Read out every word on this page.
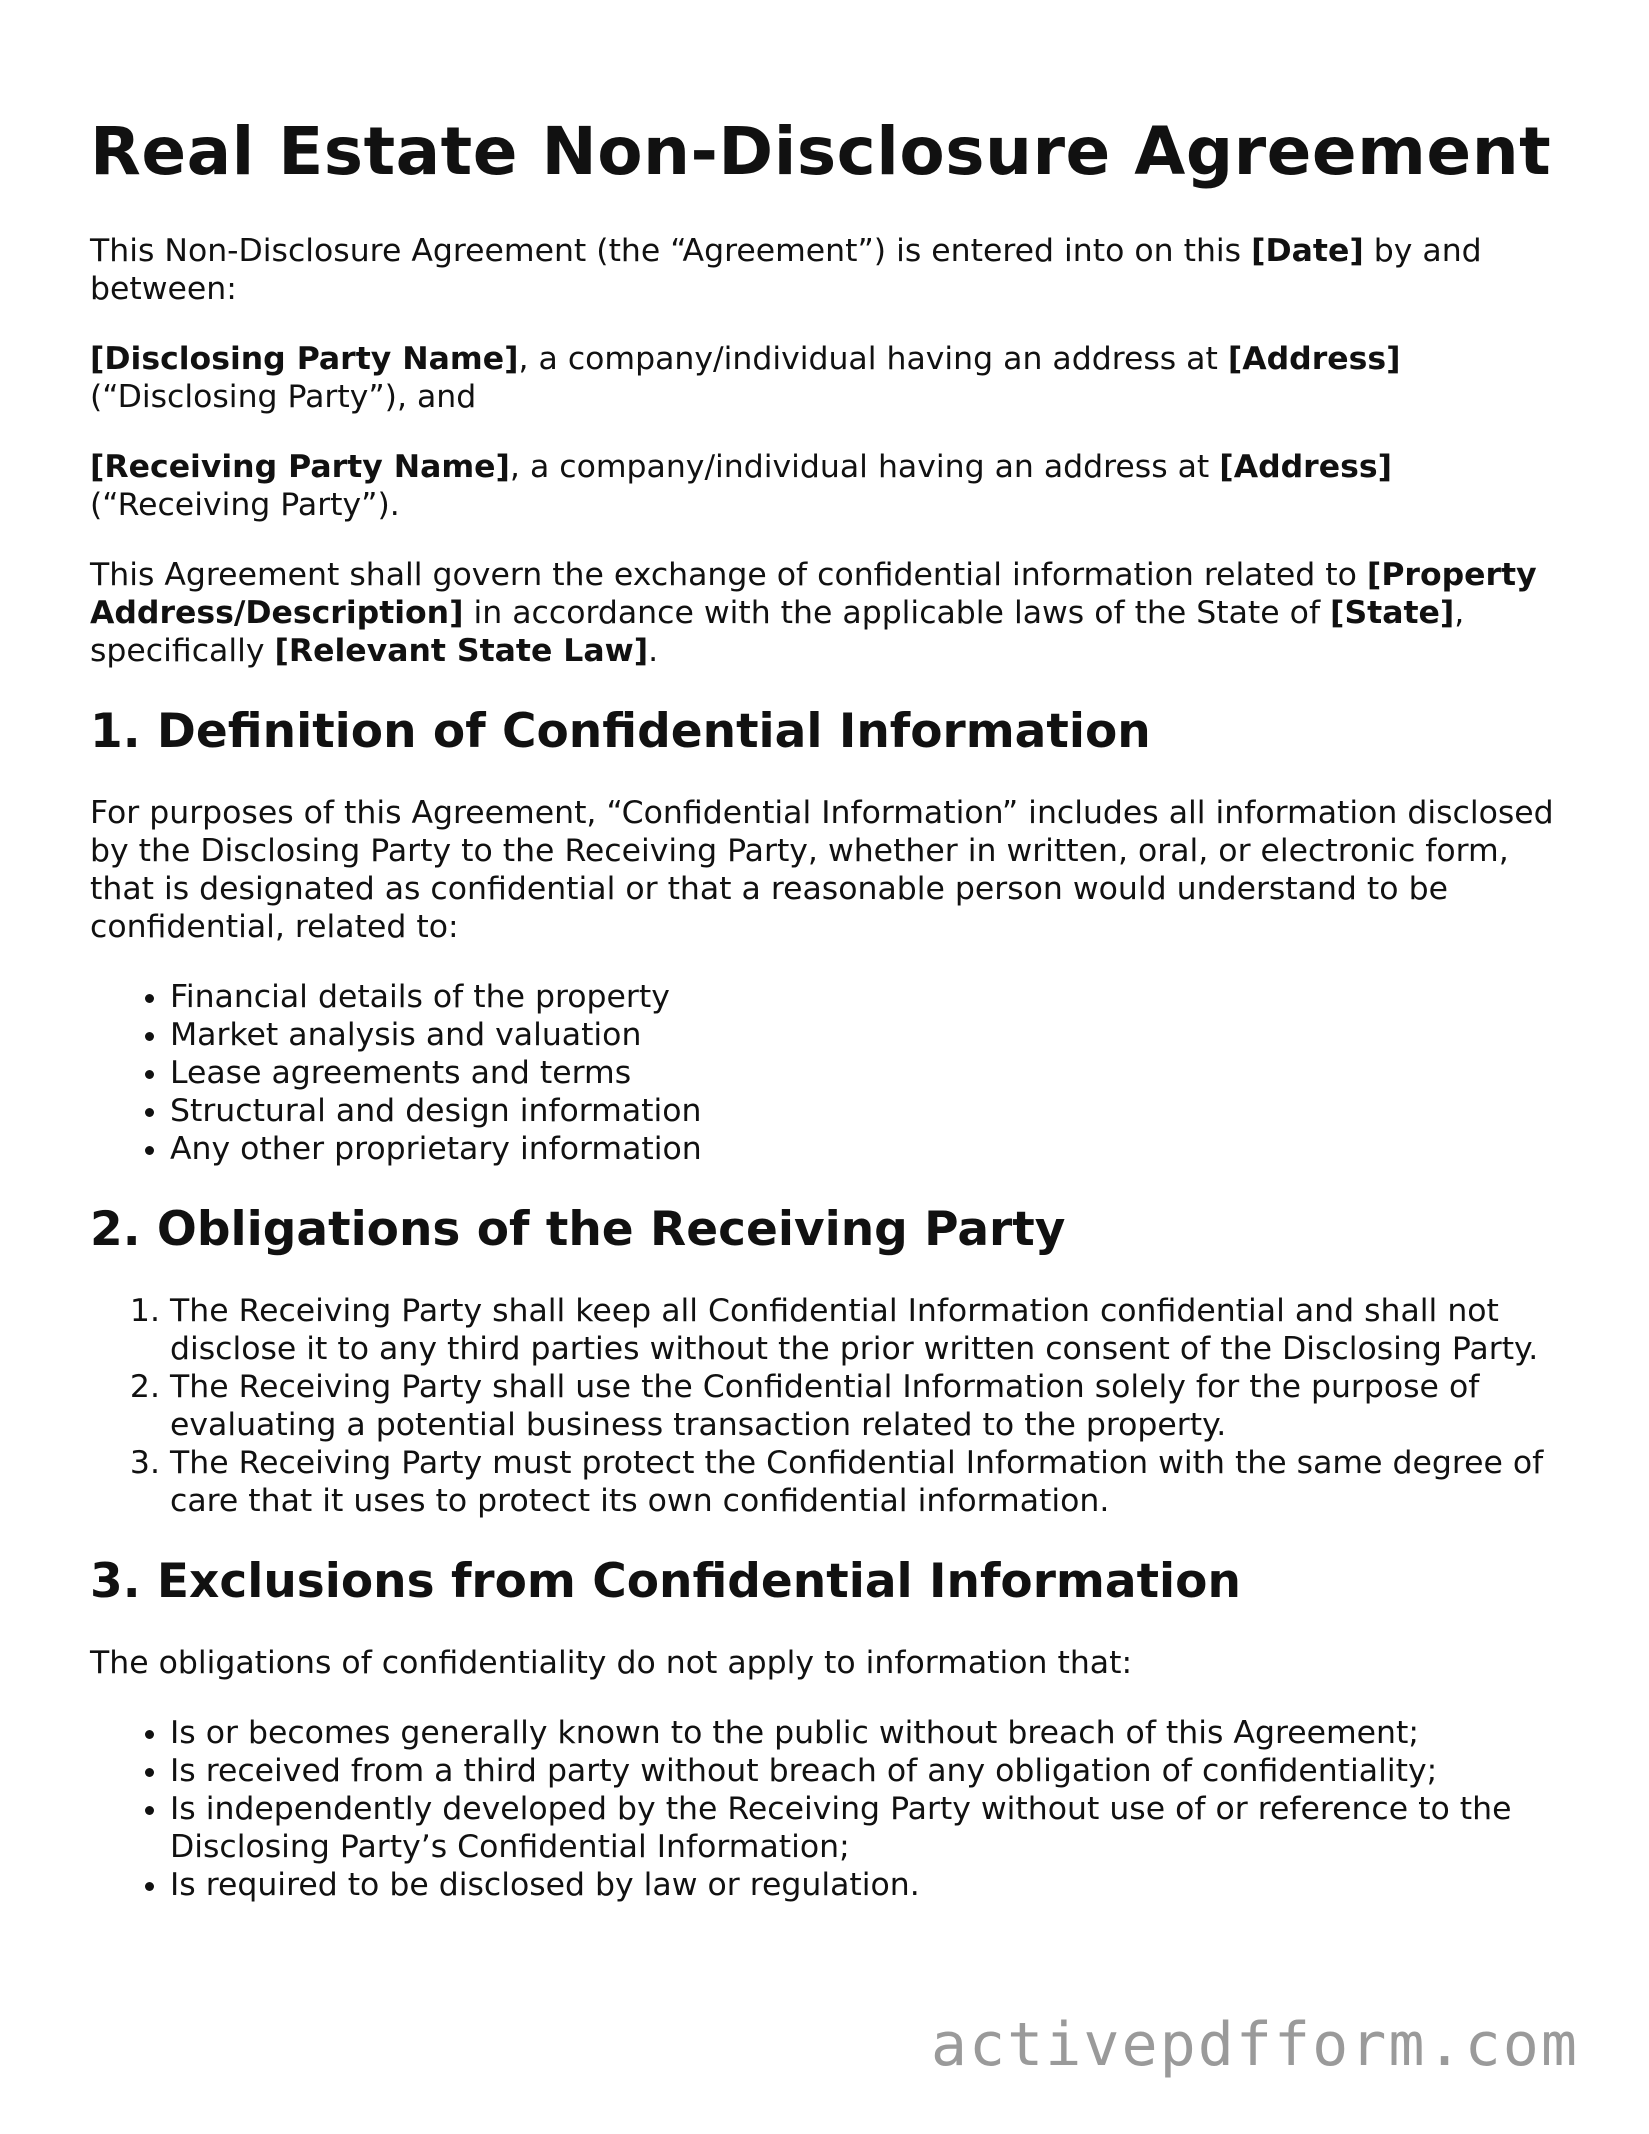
Real Estate Non-Disclosure Agreement

This Non-Disclosure Agreement (the “Agreement”) is entered into on this [Date] by and between:

[Disclosing Party Name], a company/individual having an address at [Address] (“Disclosing Party”), and

[Receiving Party Name], a company/individual having an address at [Address] (“Receiving Party”).

This Agreement shall govern the exchange of confidential information related to [Property Address/Description] in accordance with the applicable laws of the State of [State], specifically [Relevant State Law].

1. Definition of Confidential Information

For purposes of this Agreement, “Confidential Information” includes all information disclosed by the Disclosing Party to the Receiving Party, whether in written, oral, or electronic form, that is designated as confidential or that a reasonable person would understand to be confidential, related to:

• Financial details of the property
• Market analysis and valuation
• Lease agreements and terms
• Structural and design information
• Any other proprietary information
2. Obligations of the Receiving Party
1. The Receiving Party shall keep all Confidential Information confidential and shall not disclose it to any third parties without the prior written consent of the Disclosing Party.
2. The Receiving Party shall use the Confidential Information solely for the purpose of evaluating a potential business transaction related to the property.
3. The Receiving Party must protect the Confidential Information with the same degree of care that it uses to protect its own confidential information.
3. Exclusions from Confidential Information

The obligations of confidentiality do not apply to information that:

• Is or becomes generally known to the public without breach of this Agreement;
• Is received from a third party without breach of any obligation of confidentiality;
• Is independently developed by the Receiving Party without use of or reference to the Disclosing Party’s Confidential Information;
• Is required to be disclosed by law or regulation.
activepdfform.com
